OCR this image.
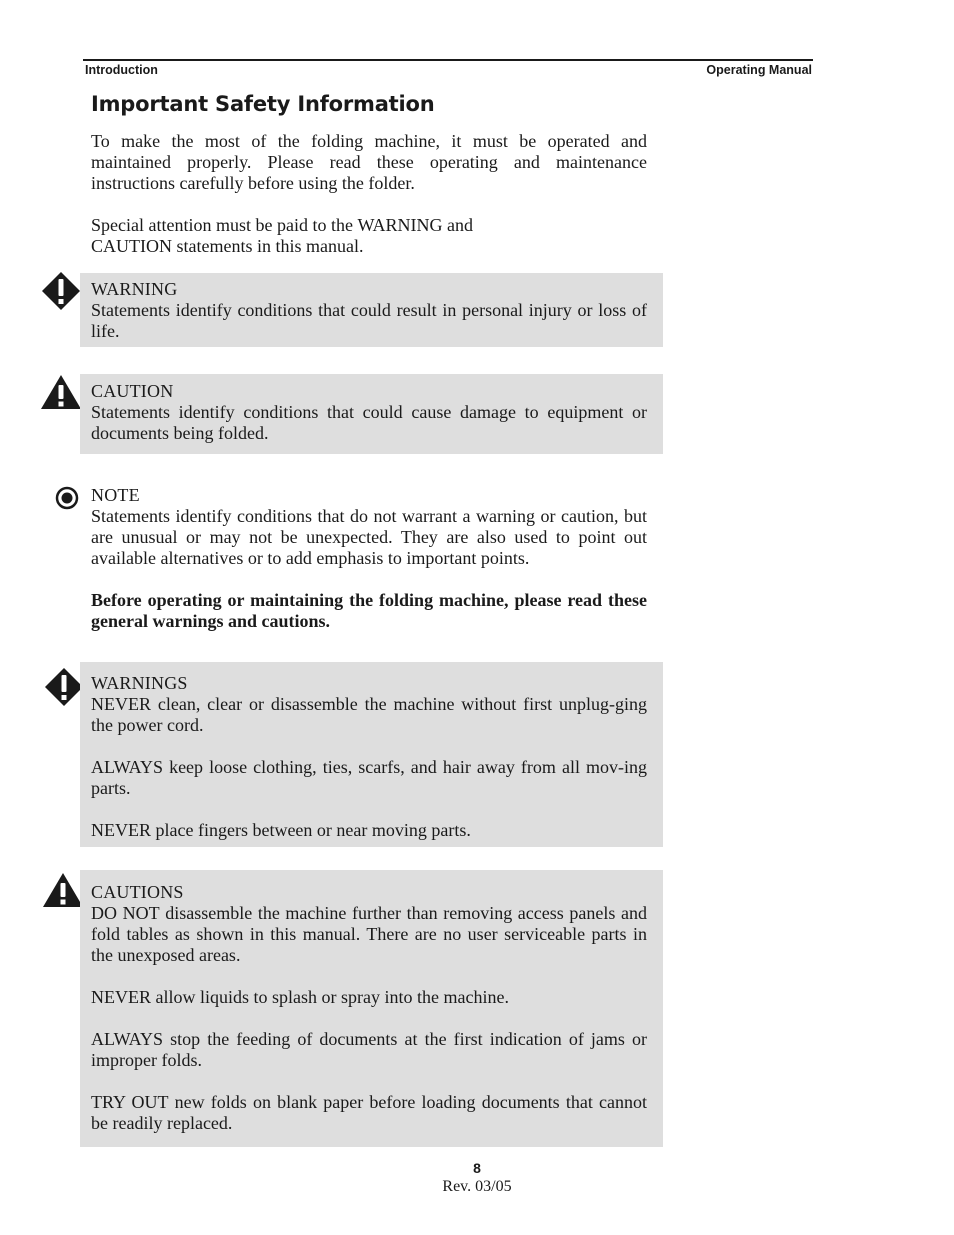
Introduction	Operating Manual
Important Safety Information

To make the most of the folding machine, it must be operated and maintained properly. Please read these operating and maintenance instructions carefully before using the folder.

Special attention must be paid to the WARNING and
CAUTION statements in this manual.

WARNING
Statements identify conditions that could result in personal injury or loss of life.
CAUTION
Statements identify conditions that could cause damage to equipment or documents being folded.
NOTE
Statements identify conditions that do not warrant a warning or caution, but are unusual or may not be unexpected. They are also used to point out available alternatives or to add emphasis to important points.

Before operating or maintaining the folding machine, please read these general warnings and cautions.

WARNINGS
NEVER clean, clear or disassemble the machine without first unplug-ging the power cord.
ALWAYS keep loose clothing, ties, scarfs, and hair away from all mov-ing parts.
NEVER place fingers between or near moving parts.
CAUTIONS
DO NOT disassemble the machine further than removing access panels and fold tables as shown in this manual. There are no user serviceable parts in the unexposed areas.
NEVER allow liquids to splash or spray into the machine.
ALWAYS stop the feeding of documents at the first indication of jams or improper folds.
TRY OUT new folds on blank paper before loading documents that cannot be readily replaced.
8
Rev. 03/05
